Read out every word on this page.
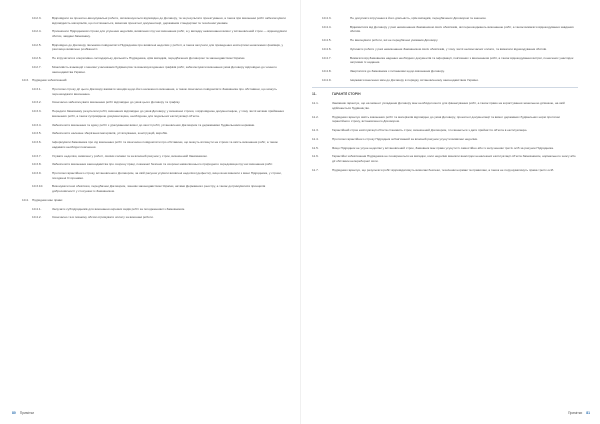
10.2.3.	Відповідати за проектно-вишукувальні роботи, які виконуються відповідно до Договору, та за результати проектування, а також при виконанні робіт забезпечувати відповідність матеріалів, що постачаються, вимогам проектної документації, державним стандартам та технічним умовам.
10.2.4.	Призначати Підрядникові строки для усунення недоліків, виявлених під час виконання робіт, а у випадку невиконання вимог у встановлений строк — відшкодувати збитки, завдані Замовнику.
10.2.5.	Відповідно до Договору письмово повідомляти Підрядника про виявлені недоліки у роботі, а також залучати для проведення експертизи незалежних фахівців, у разі якщо виявлено розбіжності.
10.2.6.	Не втручатися в оперативно-господарську діяльність Підрядника, крім випадків, передбачених Договором та законодавством України.
10.2.7.	Можливість взаємодії з іншими учасниками будівництва та взаємоузгодження графіків робіт, забезпечувати виконання умов Договору відповідно до чинного законодавства України.
10.3.	Підрядник зобов'язаний:
10.3.1.	Протягом строку дії цього Договору вживати заходів щодо його належного виконання, а також своєчасно повідомляти Замовника про обставини, що можуть перешкоджати виконанню.
10.3.2.	Своєчасно забезпечувати виконання робіт відповідно до умов цього Договору та графіку.
10.3.3.	Передати Замовнику результати робіт, виконаних відповідно до умов Договору, у визначені строки, з відповідною документацією, у тому числі актами приймання виконаних робіт, а також супровідною документацією, необхідною для подальшої експлуатації об'єкта.
10.3.4.	Забезпечити виконання та здачу робіт з урахуванням вимог до якості робіт, установлених Договором та державними будівельними нормами.
10.3.5.	Забезпечити належне зберігання матеріалів, устаткування, конструкцій, виробів.
10.3.6.	Інформувати Замовника про хід виконання робіт та своєчасно повідомляти про обставини, що можуть вплинути на строки та якість виконання робіт, а також надавати необхідні пояснення.
10.3.7.	Усувати недоліки, виявлені у роботі, своїми силами та за власний рахунок у строк, визначений Замовником.
10.3.8.	Забезпечити виконання законодавства про охорону праці, пожежної безпеки та охорони навколишнього природного середовища під час виконання робіт.
10.3.9.	Протягом гарантійного строку, встановленого Договором, за свій рахунок усувати виявлені недоліки (дефекти), якщо вони виникли з вини Підрядника, у строки, погоджені Сторонами.
10.3.10.	Виконувати інші обов'язки, передбачені Договором, чинним законодавством України, актами Державного реєстру, а також дотримуватися принципів добросовісності у стосунках із Замовником.
10.4.	Підрядник має право:
10.4.1.	Залучати субпідрядників для виконання окремих видів робіт за погодженням із Замовником.
10.4.2.	Своєчасно та в повному обсязі отримувати оплату за виконані роботи.
80 Примітки
10.4.3.	Не допускати втручання в його діяльність, крім випадків, передбачених Договором та законом.
10.4.4.	Відмовитися від Договору у разі невиконання Замовником своїх обов'язків, які перешкоджають виконанню робіт, а також вимагати відшкодування завданих збитків.
10.4.5.	Не виконувати роботи, які не передбачені умовами Договору.
10.4.6.	Зупинити роботи у разі невиконання Замовником своїх обов'язків, у тому числі несвоєчасної оплати, та вимагати відшкодування збитків.
10.4.7.	Вимагати від Замовника надання необхідних документів та інформації, пов'язаних з виконанням робіт, а також відшкодування витрат, понесених унаслідок затримки їх надання.
10.4.8.	Звертатися до Замовника з питаннями щодо виконання Договору.
10.4.9.	Ініціювати внесення змін до Договору в порядку, встановленому законодавством України.
11.	ГАРАНТІЇ СТОРІН
11.1.	Замовник гарантує, що на момент укладання Договору має необхідні кошти для фінансування робіт, а також право на користування земельною ділянкою, на якій здійснюється будівництво.
11.2.	Підрядник гарантує якість виконаних робіт та матеріалів відповідно до умов Договору, проектної документації та вимог державних будівельних норм протягом гарантійного строку, встановленого Договором.
11.3.	Гарантійний строк експлуатації об'єкта становить строк, визначений Договором, і починається з дати прийняття об'єкта в експлуатацію.
11.4.	Протягом гарантійного строку Підрядник зобов'язаний за власний рахунок усунути виявлені недоліки.
11.5.	Якщо Підрядник не усуне недоліки у встановлений строк, Замовник має право усунути їх самостійно або із залученням третіх осіб за рахунок Підрядника.
11.6.	Гарантійні зобов'язання Підрядника не поширюються на випадки, коли недоліки виникли внаслідок неналежної експлуатації об'єкта Замовником, нормального зносу або дії обставин непереборної сили.
11.7.	Підрядник гарантує, що результати робіт відповідатимуть вимогам безпеки, технічним нормам та правилам, а також не порушуватимуть права третіх осіб.
Примітки 81
